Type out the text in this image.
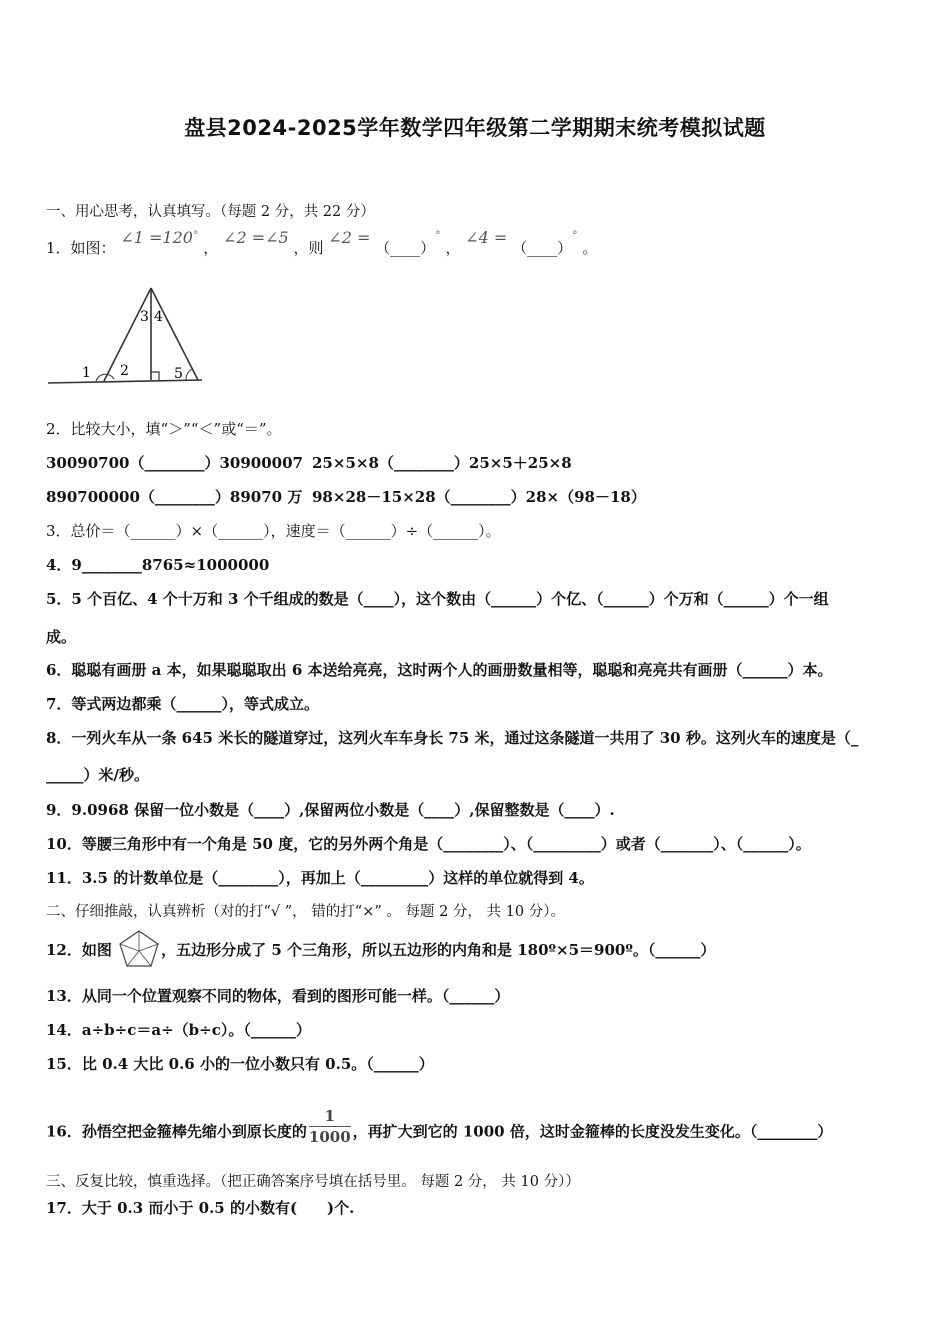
盘县2024-2025学年数学四年级第二学期期末统考模拟试题
一、用心思考，认真填写。（每题 2 分，共 22 分）
1．如图： ∠1 =120° ， ∠2 =∠5 ，则 ∠2 = （____）° ， ∠4 = （____）° 。
1 2
3 4
5
2．比较大小，填“＞”“＜”或“＝”。
30090700（________）30900007 25×5×8（________）25×5＋25×8
890700000（________）89070 万 98×28－15×28（________）28×（98－18）
3．总价＝（______）×（______），速度＝（______）÷（______）。
4．9________8765≈1000000
5．5 个百亿、4 个十万和 3 个千组成的数是（____），这个数由（______）个亿、（______）个万和（______）个一组
成。
6．聪聪有画册 a 本，如果聪聪取出 6 本送给亮亮，这时两个人的画册数量相等，聪聪和亮亮共有画册（______）本。
7．等式两边都乘（______），等式成立。
8．一列火车从一条 645 米长的隧道穿过，这列火车车身长 75 米，通过这条隧道一共用了 30 秒。这列火车的速度是（_
_____）米/秒。
9．9.0968 保留一位小数是（____）,保留两位小数是（____）,保留整数是（____）.
10．等腰三角形中有一个角是 50 度，它的另外两个角是（________）、（_________）或者（_______）、（______）。
11．3.5 的计数单位是（________），再加上（_________）这样的单位就得到 4。
二、仔细推敲，认真辨析（对的打“√ ”， 错的打“×” 。 每题 2 分， 共 10 分）。
12．如图	，五边形分成了 5 个三角形，所以五边形的内角和是 180º×5＝900º。（______）
13．从同一个位置观察不同的物体，看到的图形可能一样。（______）
14．a÷b÷c＝a÷（b÷c）。（______）
15．比 0.4 大比 0.6 小的一位小数只有 0.5。（______）
16．孙悟空把金箍棒先缩小到原长度的 $\frac{1}{1000}$ ，再扩大到它的 1000 倍，这时金箍棒的长度没发生变化。（________）
三、反复比较，慎重选择。（把正确答案序号填在括号里。 每题 2 分， 共 10 分））
17．大于 0.3 而小于 0.5 的小数有(　　)个.
